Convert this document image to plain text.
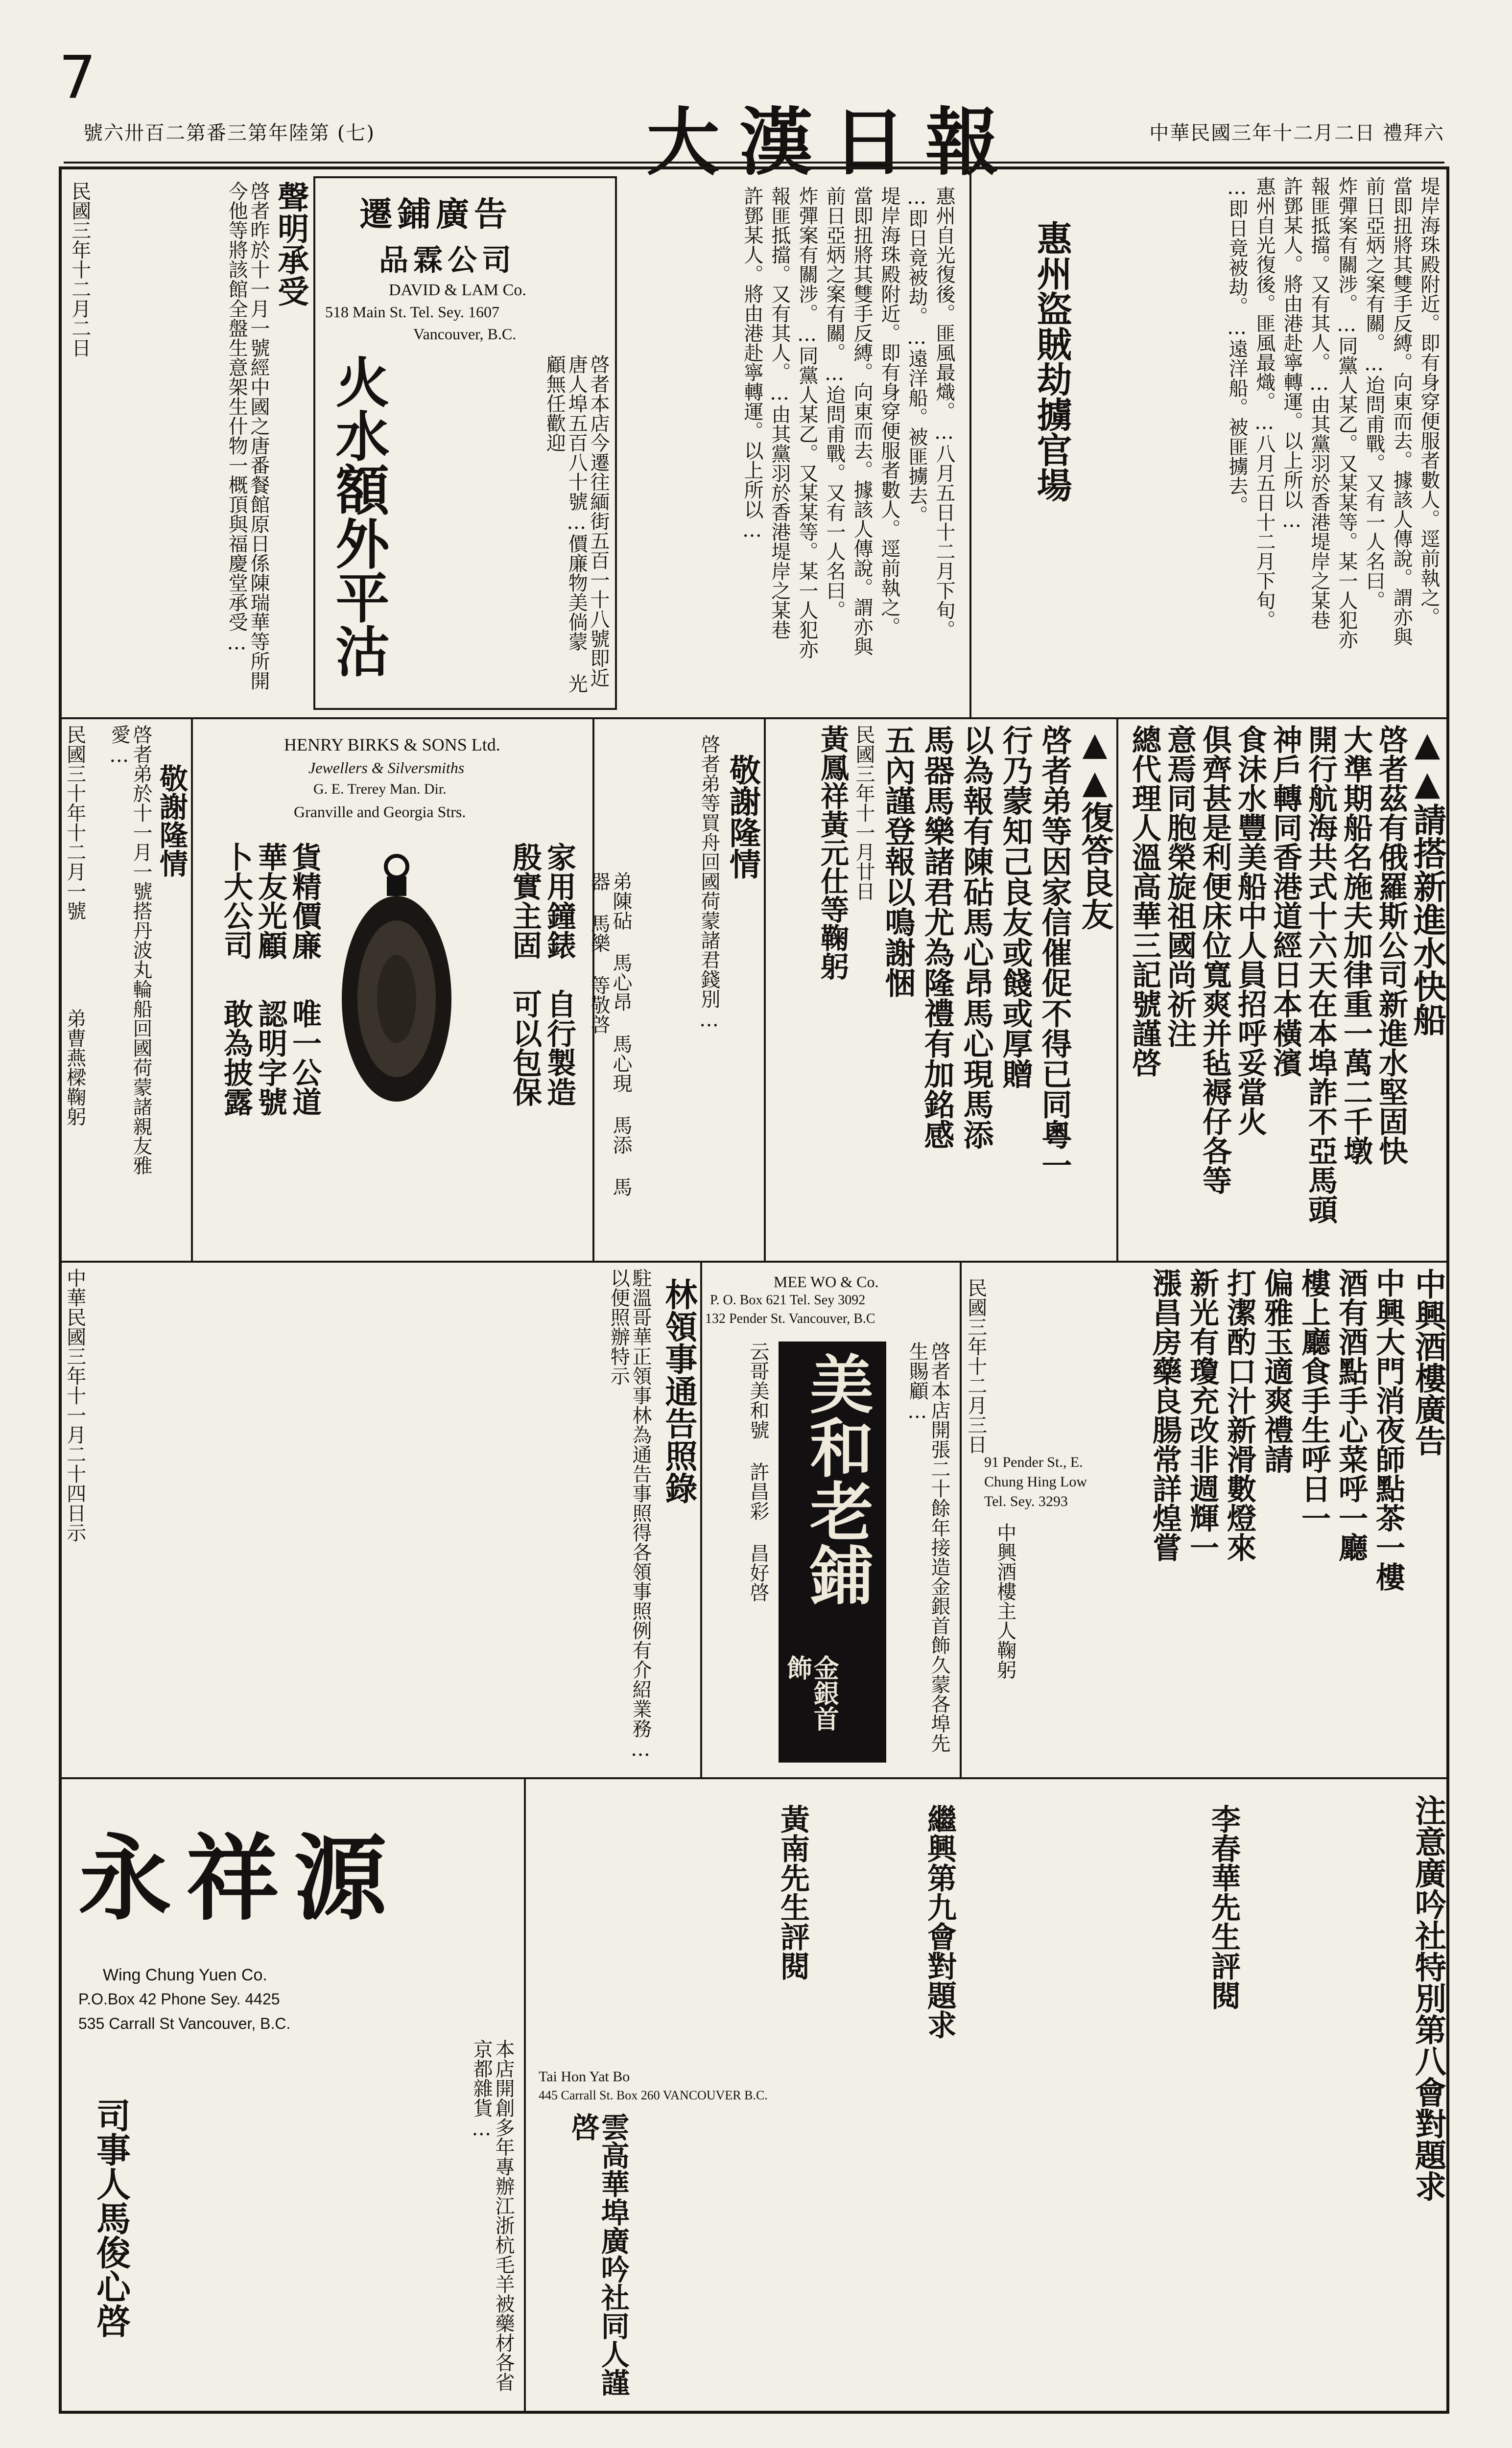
7
號六卅百二第番三第年陸第 (七)	大漢日報	中華民國三年十二月二日 禮拜六
惠州盜賊劫擄官場	堤岸海珠殿附近。即有身穿便服者數人。逕前執之。
當即扭將其雙手反縛。向東而去。據該人傳說。謂亦與
前日亞炳之案有關。…迨問甫戰。又有一人名曰。
炸彈案有關涉。…同黨人某乙。又某某等。某一人犯亦
報匪抵擋。又有其人。…由其黨羽於香港堤岸之某巷
許鄧某人。將由港赴寧轉運。以上所以…
惠州自光復後。匪風最熾。…八月五日十二月下旬。
…即日竟被劫。…遠洋船。被匪擄去。
惠州自光復後。匪風最熾。…八月五日十二月下旬。
…即日竟被劫。…遠洋船。被匪擄去。
堤岸海珠殿附近。即有身穿便服者數人。逕前執之。
當即扭將其雙手反縛。向東而去。據該人傳說。謂亦與
前日亞炳之案有關。…迨問甫戰。又有一人名曰。
炸彈案有關涉。…同黨人某乙。又某某等。某一人犯亦
報匪抵擋。又有其人。…由其黨羽於香港堤岸之某巷
許鄧某人。將由港赴寧轉運。以上所以…
遷鋪廣告
品霖公司
DAVID & LAM Co.
518 Main St. Tel. Sey. 1607
Vancouver, B.C.
火水額外平沽	啓者本店今遷往緬街五百一十八號即近唐人埠五百八十號…價廉物美倘蒙 光顧無任歡迎
聲明承受
啓者昨於十一月一號經中國之唐番餐館原日係陳瑞華等所開今他等將該館全盤生意架生什物一概頂與福慶堂承受…
民國三年十二月二日
▲▲請搭新進水快船
啓者茲有俄羅斯公司新進水堅固快
大準期船名施夫加律重一萬二千墩
開行航海共式十六天在本埠詐不亞馬頭
神戶轉同香港道經日本橫濱
食沫水豐美船中人員招呼妥當火
俱齊甚是利便床位寬爽并毡褥仔各等
意焉同胞榮旋祖國尚祈注
總代理人溫高華三記號謹啓
▲▲復答良友
啓者弟等因家信催促不得已同粵一
行乃蒙知己良友或餞或厚贈
以為報有陳砧馬心昂馬心現馬添
馬器馬樂諸君尤為隆禮有加銘感
五內謹登報以鳴謝悃
民國三年十一月廿日
黃鳳祥黃元仕等鞠躬
敬謝隆情
啓者弟等買舟回國荷蒙諸君錢別…
弟陳砧 馬心昂 馬心現 馬添 馬器 馬樂 等敬啓
HENRY BIRKS & SONS Ltd.
Jewellers & Silversmiths
G. E. Trerey Man. Dir.
Granville and Georgia Strs.
家用鐘錶
殷實主固
自行製造
可以包保
貨精價廉
華友光顧
唯一公道
卜大公司
認明字號
敢為披露
敬謝隆情
啓者弟於十一月一號搭丹波丸輪船回國荷蒙諸親友雅愛…
弟曹燕樑鞠躬
民國三十年十二月一號
中興酒樓廣告
中興大門消夜師點茶一樓
酒有酒點手心菜呼一廳
樓上廳食手生呼日一
偏雅玉適爽禮請
打潔酌口汁新滑數燈來
新光有瓊充改非週輝一
漲昌房藥良腸常詳煌嘗
91 Pender St., E.
Chung Hing Low
Tel. Sey. 3293
中興酒樓主人鞠躬
民國三年十二月三日
MEE WO & Co.
P. O. Box 621 Tel. Sey 3092
132 Pender St. Vancouver, B.C
美和老鋪
金銀首飾	啓者本店開張二十餘年接造金銀首飾久蒙各埠先生賜顧…
云哥美和號 許昌彩 昌好啓
林領事通告照錄
駐溫哥華正領事林為通告事照得各領事照例有介紹業務…以便照辦特示
中華民國三年十一月二十四日示
注意廣吟社特別第八會對題求
李春華先生評閱
繼興第九會對題求
黃南先生評閱
Tai Hon Yat Bo
445 Carrall St. Box 260 VANCOUVER B.C.
雲高華埠廣吟社同人謹啓
永祥源
Wing Chung Yuen Co.
P.O.Box 42 Phone Sey. 4425
535 Carrall St Vancouver, B.C.
本店開創多年專辦江浙杭毛羊被藥材各省京都雜貨…
司事人馬俊心啓
